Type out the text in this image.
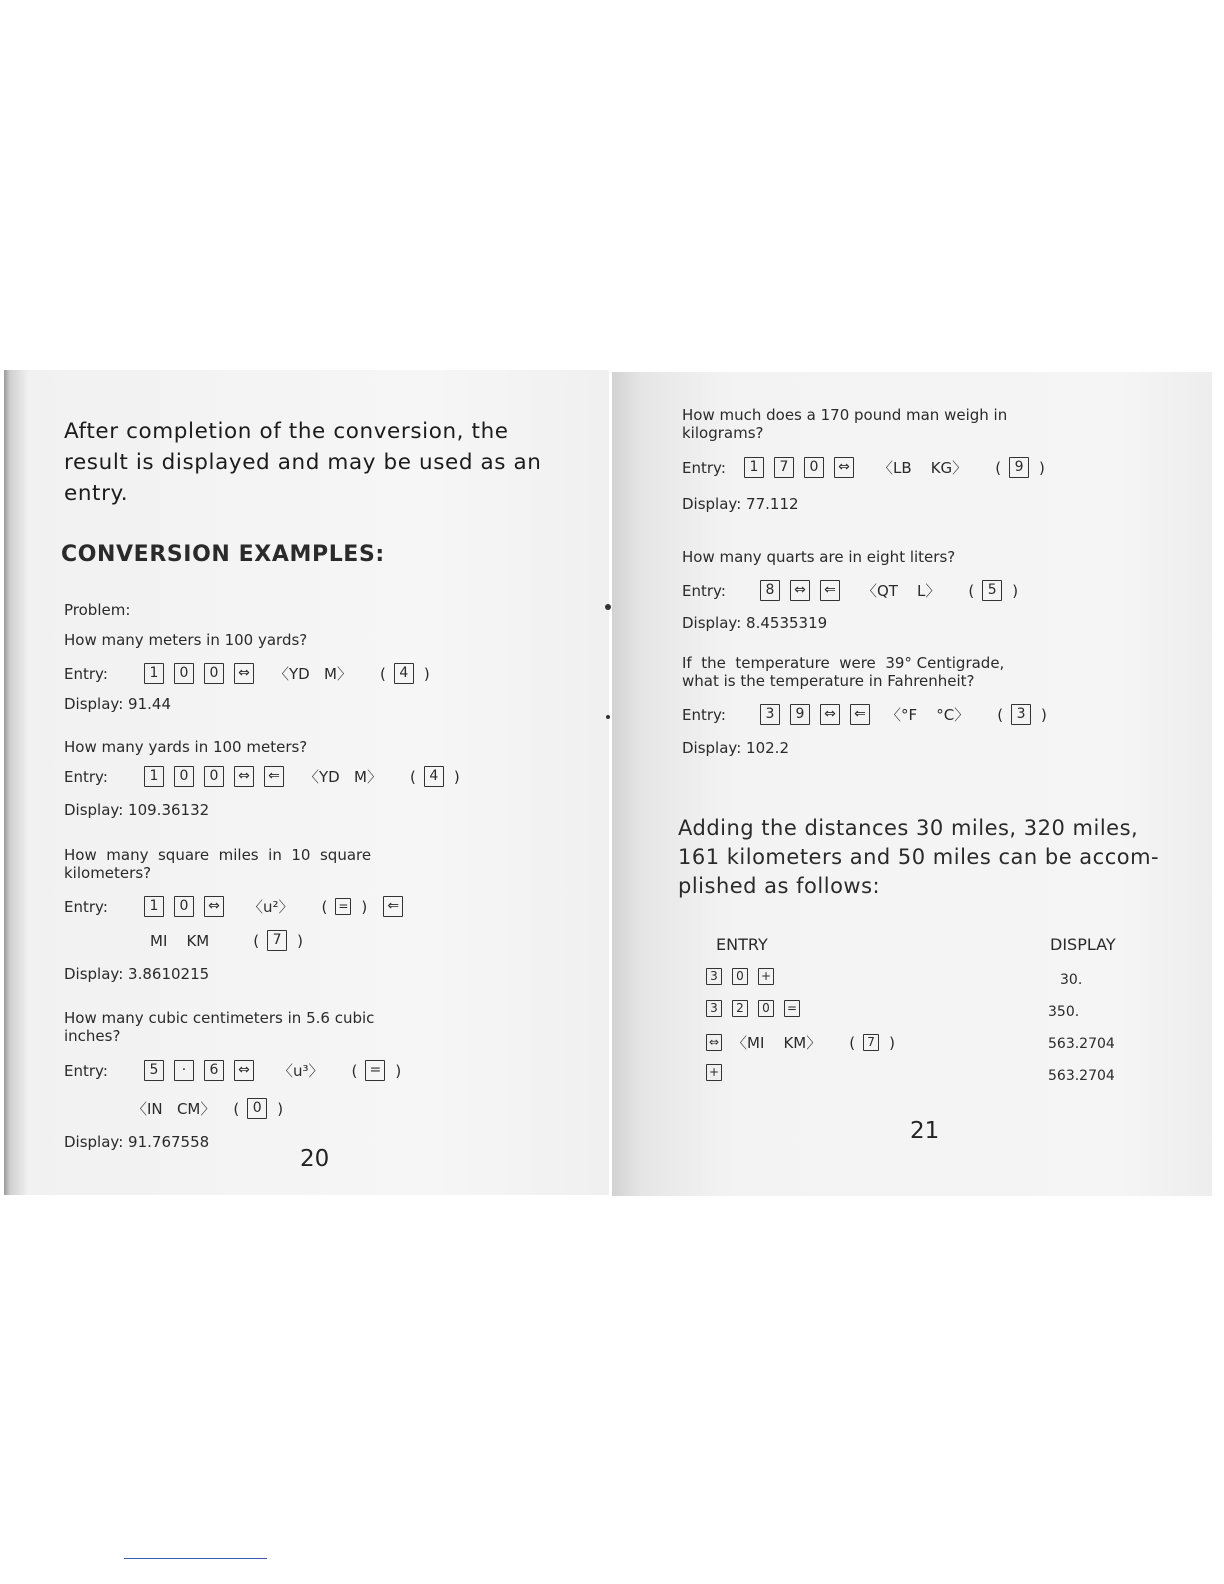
After completion of the conversion, the
result is displayed and may be used as an
entry.
CONVERSION EXAMPLES:
Problem:
How many meters in 100 yards?
Entry:	1	0	0	⇔ 〈YD   M〉 ( 4	)
Display: 91.44
How many yards in 100 meters?
Entry:	1	0	0	⇔ ⇐ 〈YD   M〉 ( 4	)
Display: 109.36132
How  many  square  miles  in  10  square
kilometers?
Entry:	1	0	⇔ 〈u²〉 ( = ) ⇐
MI    KM	( 7	)
Display: 3.8610215
How many cubic centimeters in 5.6 cubic
inches?
Entry:	5	·	6	⇔ 〈u³〉 ( = )
〈IN   CM〉 ( 0	)
Display: 91.767558
20
How much does a 170 pound man weigh in
kilograms?
Entry:	1	7	0	⇔ 〈LB    KG〉 ( 9	)
Display: 77.112
How many quarts are in eight liters?
Entry:	8	⇔ ⇐ 〈QT    L〉 ( 5	)
Display: 8.4535319
If  the  temperature  were  39° Centigrade,
what is the temperature in Fahrenheit?
Entry:	3	9	⇔ ⇐ 〈°F    °C〉 ( 3	)
Display: 102.2
Adding the distances 30 miles, 320 miles,
161 kilometers and 50 miles can be accom-
plished as follows:
ENTRY	DISPLAY
3	0	+	30.
3	2	0	=	350.
⇔ 〈MI    KM〉 (	7 )	563.2704
+	563.2704
21
